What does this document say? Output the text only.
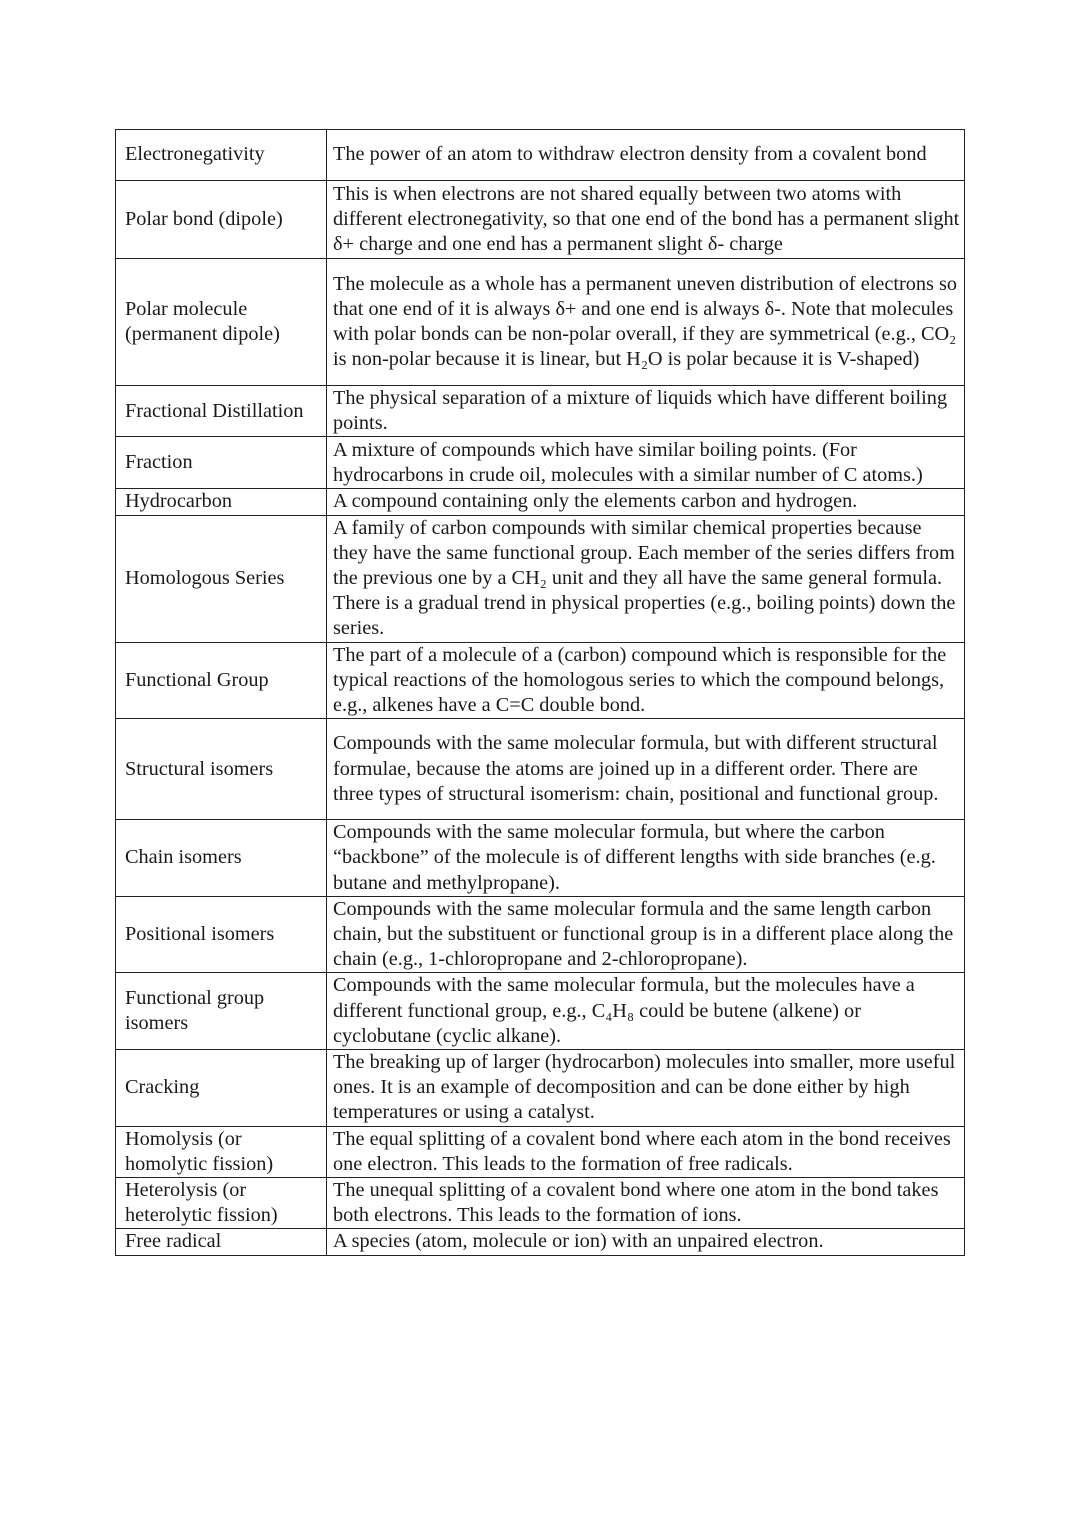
Electronegativity	The power of an atom to withdraw electron density from a covalent bond
Polar bond (dipole)	This is when electrons are not shared equally between two atoms with different electronegativity, so that one end of the bond has a permanent slight δ+ charge and one end has a permanent slight δ- charge
Polar molecule (permanent dipole)	The molecule as a whole has a permanent uneven distribution of electrons so that one end of it is always δ+ and one end is always δ-. Note that molecules with polar bonds can be non-polar overall, if they are symmetrical (e.g., CO₂ is non-polar because it is linear, but H₂O is polar because it is V-shaped)
Fractional Distillation	The physical separation of a mixture of liquids which have different boiling points.
Fraction	A mixture of compounds which have similar boiling points. (For hydrocarbons in crude oil, molecules with a similar number of C atoms.)
Hydrocarbon	A compound containing only the elements carbon and hydrogen.
Homologous Series	A family of carbon compounds with similar chemical properties because they have the same functional group. Each member of the series differs from the previous one by a CH₂ unit and they all have the same general formula. There is a gradual trend in physical properties (e.g., boiling points) down the series.
Functional Group	The part of a molecule of a (carbon) compound which is responsible for the typical reactions of the homologous series to which the compound belongs, e.g., alkenes have a C=C double bond.
Structural isomers	Compounds with the same molecular formula, but with different structural formulae, because the atoms are joined up in a different order. There are three types of structural isomerism: chain, positional and functional group.
Chain isomers	Compounds with the same molecular formula, but where the carbon “backbone” of the molecule is of different lengths with side branches (e.g. butane and methylpropane).
Positional isomers	Compounds with the same molecular formula and the same length carbon chain, but the substituent or functional group is in a different place along the chain (e.g., 1-chloropropane and 2-chloropropane).
Functional group isomers	Compounds with the same molecular formula, but the molecules have a different functional group, e.g., C₄H₈ could be butene (alkene) or cyclobutane (cyclic alkane).
Cracking	The breaking up of larger (hydrocarbon) molecules into smaller, more useful ones. It is an example of decomposition and can be done either by high temperatures or using a catalyst.
Homolysis (or homolytic fission)	The equal splitting of a covalent bond where each atom in the bond receives one electron. This leads to the formation of free radicals.
Heterolysis (or heterolytic fission)	The unequal splitting of a covalent bond where one atom in the bond takes both electrons. This leads to the formation of ions.
Free radical	A species (atom, molecule or ion) with an unpaired electron.
